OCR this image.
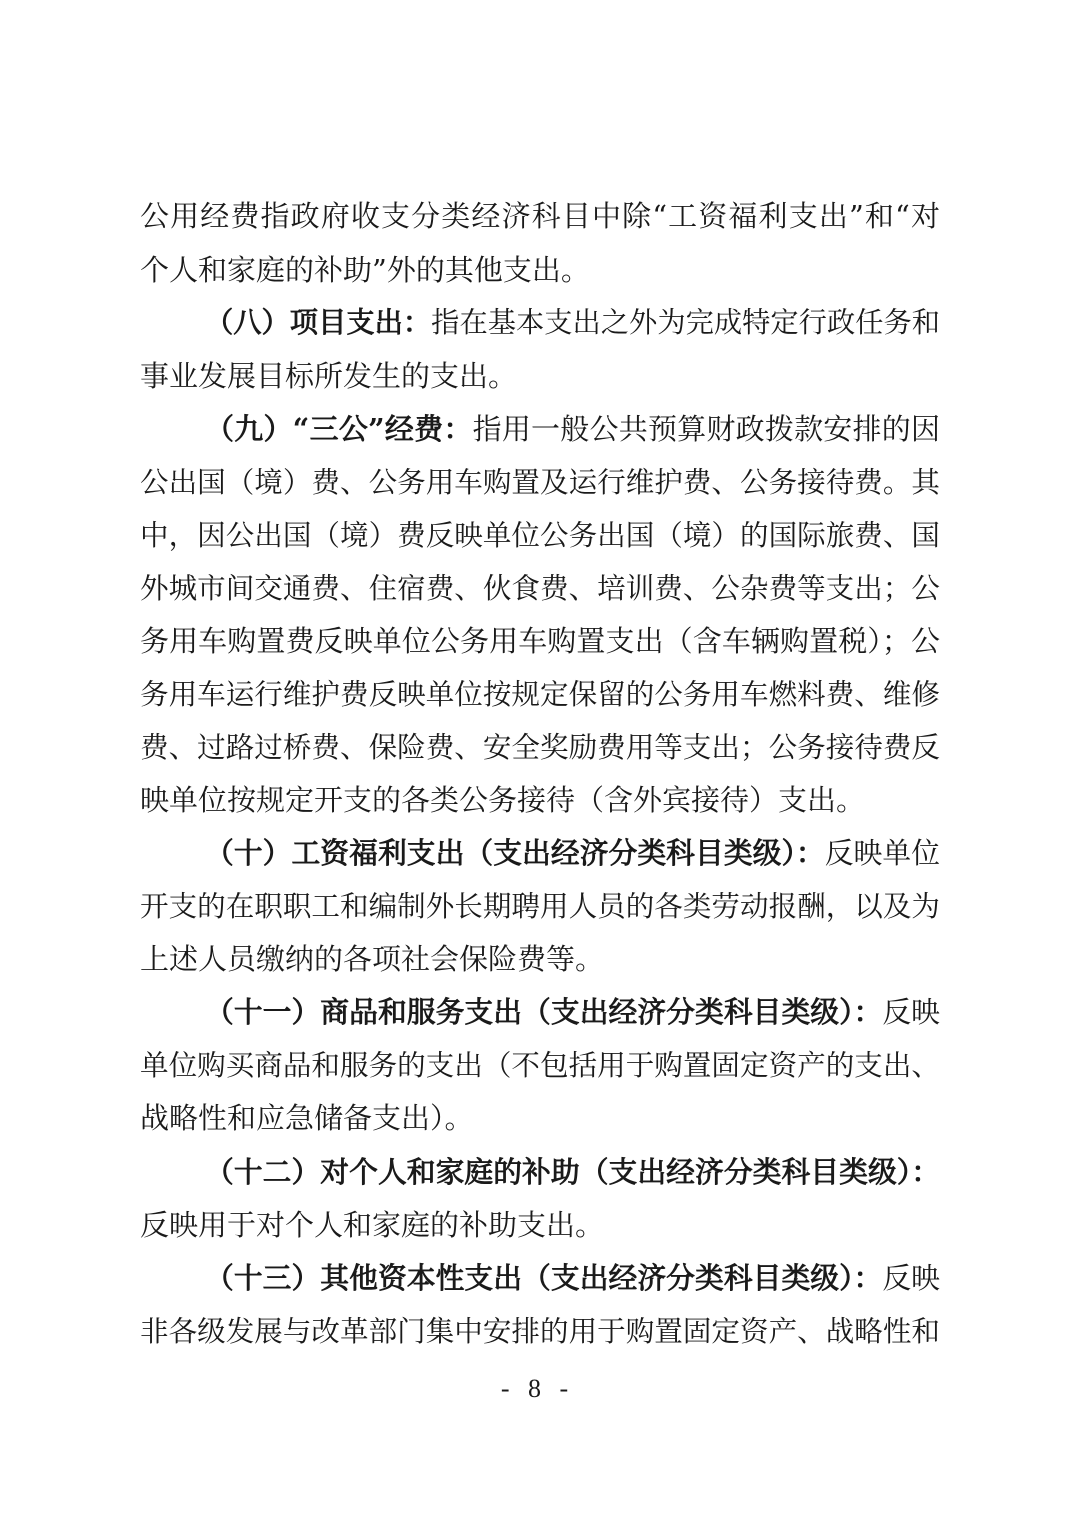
公用经费指政府收支分类经济科目中除“工资福利支出”和“对
个人和家庭的补助”外的其他支出。
（八）项目支出：指在基本支出之外为完成特定行政任务和
事业发展目标所发生的支出。
（九）“三公”经费：指用一般公共预算财政拨款安排的因
公出国（境）费、公务用车购置及运行维护费、公务接待费。其
中，因公出国（境）费反映单位公务出国（境）的国际旅费、国
外城市间交通费、住宿费、伙食费、培训费、公杂费等支出；公
务用车购置费反映单位公务用车购置支出（含车辆购置税）；公
务用车运行维护费反映单位按规定保留的公务用车燃料费、维修
费、过路过桥费、保险费、安全奖励费用等支出；公务接待费反
映单位按规定开支的各类公务接待（含外宾接待）支出。
（十）工资福利支出（支出经济分类科目类级）：反映单位
开支的在职职工和编制外长期聘用人员的各类劳动报酬，以及为
上述人员缴纳的各项社会保险费等。
（十一）商品和服务支出（支出经济分类科目类级）：反映
单位购买商品和服务的支出（不包括用于购置固定资产的支出、
战略性和应急储备支出）。
（十二）对个人和家庭的补助（支出经济分类科目类级）：
反映用于对个人和家庭的补助支出。
（十三）其他资本性支出（支出经济分类科目类级）：反映
非各级发展与改革部门集中安排的用于购置固定资产、战略性和
- 8 -
